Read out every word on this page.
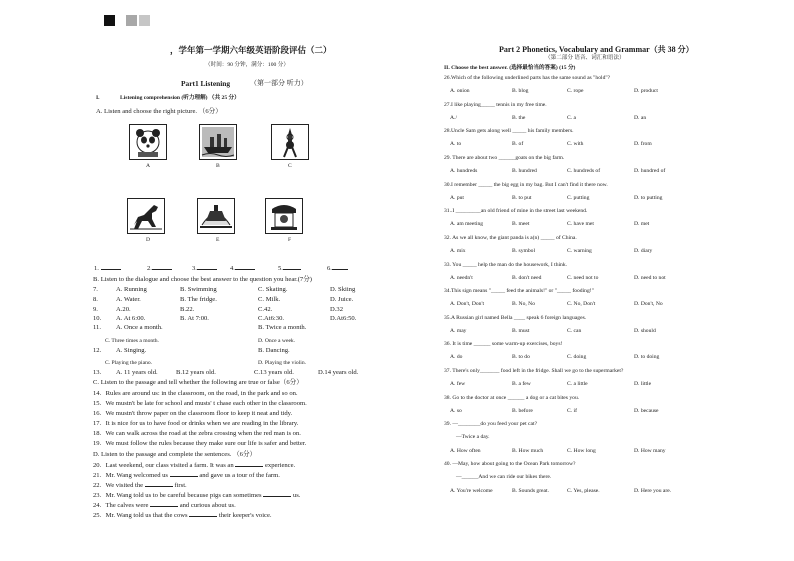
，学年第一学期六年级英语阶段评估（二）
（时间：90 分钟，满分：100 分）
Part1 Listening	（第一部分 听力）
I.	Listening comprehension (听力理解) （共 25 分）
A. Listen and choose the right picture. （6分）
A	B	C
D	E	F
1.	2.	3.	4.	5.	6.
B. Listen to the dialogue and choose the best answer to the question you hear.(7分)
7.	A. Running	B. Swimming	C. Skating.	D. Skiing
8.	A. Water.	B. The fridge.	C. Milk.	D. Juice.
9.	A.20.	B.22.	C.42.	D.32
10. A. At 6:00.	B. At 7:00.	C.At6:30.	D.At6:50.
11. A. Once a month.	B. Twice a month.
C. Three times a month.	D. Once a week.
12. A. Singing.	B. Dancing.
C. Playing the piano.	D. Playing the violin.
13. A. 11 years old.	B.12 years old.	C.13 years old.	D.14 years old.
C. Listen to the passage and tell whether the following are true or false（6分）
14. Rules are around us: in the classroom, on the road, in the park and so on.
15. We mustn't be late for school and musts' t chase each other in the classroom.
16. We mustn't throw paper on the classroom floor to keep it neat and tidy.
17. It is nice for us to have food or drinks when we are reading in the library.
18. We can walk across the road at the zebra crossing when the red man is on.
19. We must follow the rules because they make sure our life is safer and better.
D. Listen to the passage and complete the sentences. （6分）
20. Last weekend, our class visited a farm. It was an	experience.
21. Mr. Wang welcomed us	and gave us a tour of the farm.
22. We visited the	first.
23. Mr. Wang told us to be careful because pigs can sometimes	us.
24. The calves were	and curious about us.
25. Mr. Wang told us that the cows	their keeper's voice.
Part 2 Phonetics, Vocabulary and Grammar（共 38 分）
（第二部分 语音、词汇和语法）
II. Choose the best answer. (选择最恰当的答案) (15 分)
26.Which of the following underlined parts has the same sound as "hold"?
A. onion	B. blog	C. rope	D. product
27.I like playing_____ tennis in my free time.
A./	B. the	C. a	D. an
28.Uncle Sam gets along well _____ his family members.
A. to	B. of	C. with	D. from
29. There are about two ______goats on the big farm.
A. hundreds	B. hundred	C. hundreds of	D. hundred of
30.I remember _____ the big egg in my bag. But I can't find it there now.
A. put	B. to put	C. putting	D. to putting
31..I _________an old friend of mine in the street last weekend.
A. am meeting	B. meet	C. have met	D. met
32. As we all know, the giant panda is a(n) _____ of China.
A. mix	B. symbol	C. warning	D. diary
33. You _____ help the man do the housework, I think.
A. needn't	B. don't need	C. need not to	D. need to not
34.This sign means "_____ feed the animals!" or "_____ fooding!"
A. Don't, Don't	B. No, No	C. No, Don't	D. Don't, No
35.A Russian girl named Bella ____ speak 6 foreign languages.
A. may	B. must	C. can	D. should
36. It is time ______ some warm-up exercises, boys!
A. do	B. to do	C. doing	D. to doing
37. There's only_______ food left in the fridge. Shall we go to the supermarket?
A. few	B. a few	C. a little	D. little
38. Go to the doctor at once ______ a dog or a cat bites you.
A. so	B. before	C. if	D. because
39. —________do you feed your pet cat?
—Twice a day.
A. How often	B. How much	C. How long	D. How many
40. —May, how about going to the Ocean Park tomorrow?
—______And we can ride our bikes there.
A. You're welcome	B. Sounds great.	C. Yes, please.	D. Here you are.
